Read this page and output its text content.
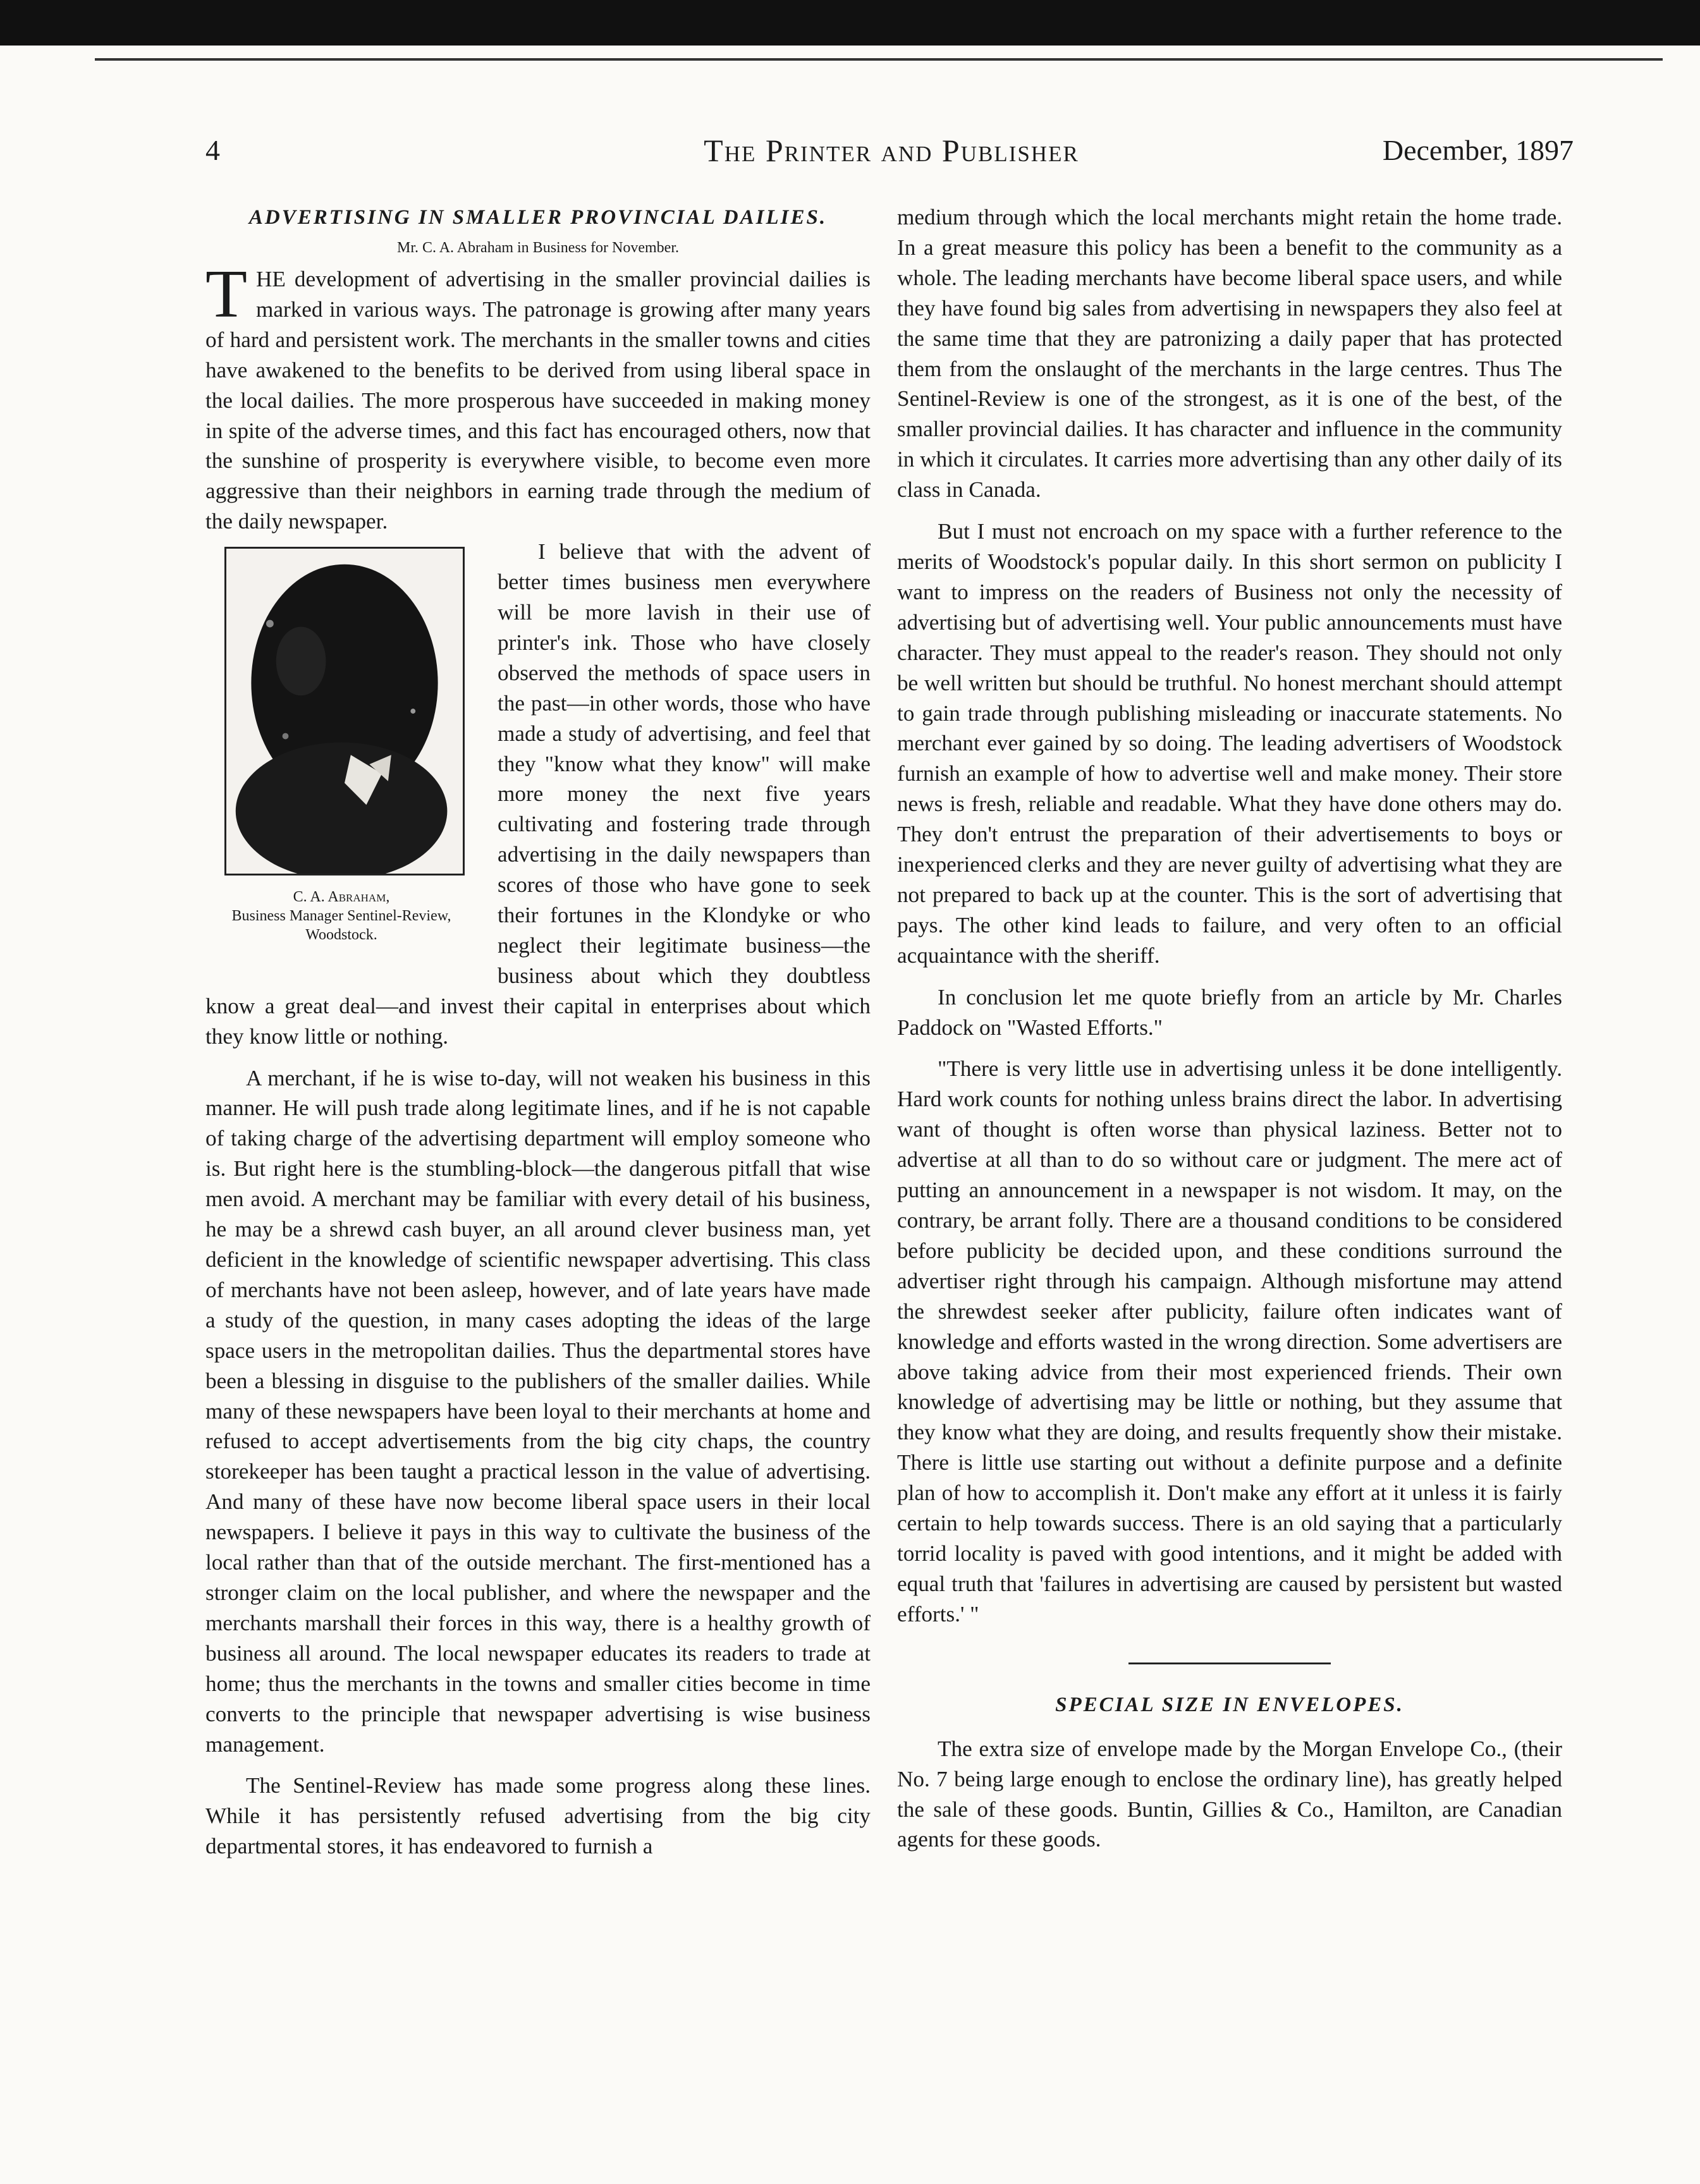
4	The Printer and Publisher	December, 1897
ADVERTISING IN SMALLER PROVINCIAL DAILIES.
Mr. C. A. Abraham in Business for November.

THE development of advertising in the smaller provincial dailies is marked in various ways. The patronage is growing after many years of hard and persistent work. The merchants in the smaller towns and cities have awakened to the benefits to be derived from using liberal space in the local dailies. The more prosperous have succeeded in making money in spite of the adverse times, and this fact has encouraged others, now that the sunshine of prosperity is everywhere visible, to become even more aggressive than their neighbors in earning trade through the medium of the daily newspaper.

C. A. Abraham,
Business Manager Sentinel-Review, Woodstock.

I believe that with the advent of better times business men everywhere will be more lavish in their use of printer's ink. Those who have closely observed the methods of space users in the past—in other words, those who have made a study of advertising, and feel that they "know what they know" will make more money the next five years cultivating and fostering trade through advertising in the daily newspapers than scores of those who have gone to seek their fortunes in the Klondyke or who neglect their legitimate business—the business about which they doubtless know a great deal—and invest their capital in enterprises about which they know little or nothing.

A merchant, if he is wise to-day, will not weaken his business in this manner. He will push trade along legitimate lines, and if he is not capable of taking charge of the advertising department will employ someone who is. But right here is the stumbling-block—the dangerous pitfall that wise men avoid. A merchant may be familiar with every detail of his business, he may be a shrewd cash buyer, an all around clever business man, yet deficient in the knowledge of scientific newspaper advertising. This class of merchants have not been asleep, however, and of late years have made a study of the question, in many cases adopting the ideas of the large space users in the metropolitan dailies. Thus the departmental stores have been a blessing in disguise to the publishers of the smaller dailies. While many of these newspapers have been loyal to their merchants at home and refused to accept advertisements from the big city chaps, the country storekeeper has been taught a practical lesson in the value of advertising. And many of these have now become liberal space users in their local newspapers. I believe it pays in this way to cultivate the business of the local rather than that of the outside merchant. The first-mentioned has a stronger claim on the local publisher, and where the newspaper and the merchants marshall their forces in this way, there is a healthy growth of business all around. The local newspaper educates its readers to trade at home; thus the merchants in the towns and smaller cities become in time converts to the principle that newspaper advertising is wise business management.

The Sentinel-Review has made some progress along these lines. While it has persistently refused advertising from the big city departmental stores, it has endeavored to furnish a

medium through which the local merchants might retain the home trade. In a great measure this policy has been a benefit to the community as a whole. The leading merchants have become liberal space users, and while they have found big sales from advertising in newspapers they also feel at the same time that they are patronizing a daily paper that has protected them from the onslaught of the merchants in the large centres. Thus The Sentinel-Review is one of the strongest, as it is one of the best, of the smaller provincial dailies. It has character and influence in the community in which it circulates. It carries more advertising than any other daily of its class in Canada.

But I must not encroach on my space with a further reference to the merits of Woodstock's popular daily. In this short sermon on publicity I want to impress on the readers of Business not only the necessity of advertising but of advertising well. Your public announcements must have character. They must appeal to the reader's reason. They should not only be well written but should be truthful. No honest merchant should attempt to gain trade through publishing misleading or inaccurate statements. No merchant ever gained by so doing. The leading advertisers of Woodstock furnish an example of how to advertise well and make money. Their store news is fresh, reliable and readable. What they have done others may do. They don't entrust the preparation of their advertisements to boys or inexperienced clerks and they are never guilty of advertising what they are not prepared to back up at the counter. This is the sort of advertising that pays. The other kind leads to failure, and very often to an official acquaintance with the sheriff.

In conclusion let me quote briefly from an article by Mr. Charles Paddock on "Wasted Efforts."

"There is very little use in advertising unless it be done intelligently. Hard work counts for nothing unless brains direct the labor. In advertising want of thought is often worse than physical laziness. Better not to advertise at all than to do so without care or judgment. The mere act of putting an announcement in a newspaper is not wisdom. It may, on the contrary, be arrant folly. There are a thousand conditions to be considered before publicity be decided upon, and these conditions surround the advertiser right through his campaign. Although misfortune may attend the shrewdest seeker after publicity, failure often indicates want of knowledge and efforts wasted in the wrong direction. Some advertisers are above taking advice from their most experienced friends. Their own knowledge of advertising may be little or nothing, but they assume that they know what they are doing, and results frequently show their mistake. There is little use starting out without a definite purpose and a definite plan of how to accomplish it. Don't make any effort at it unless it is fairly certain to help towards success. There is an old saying that a particularly torrid locality is paved with good intentions, and it might be added with equal truth that 'failures in advertising are caused by persistent but wasted efforts.' "

SPECIAL SIZE IN ENVELOPES.

The extra size of envelope made by the Morgan Envelope Co., (their No. 7 being large enough to enclose the ordinary line), has greatly helped the sale of these goods. Buntin, Gillies & Co., Hamilton, are Canadian agents for these goods.
